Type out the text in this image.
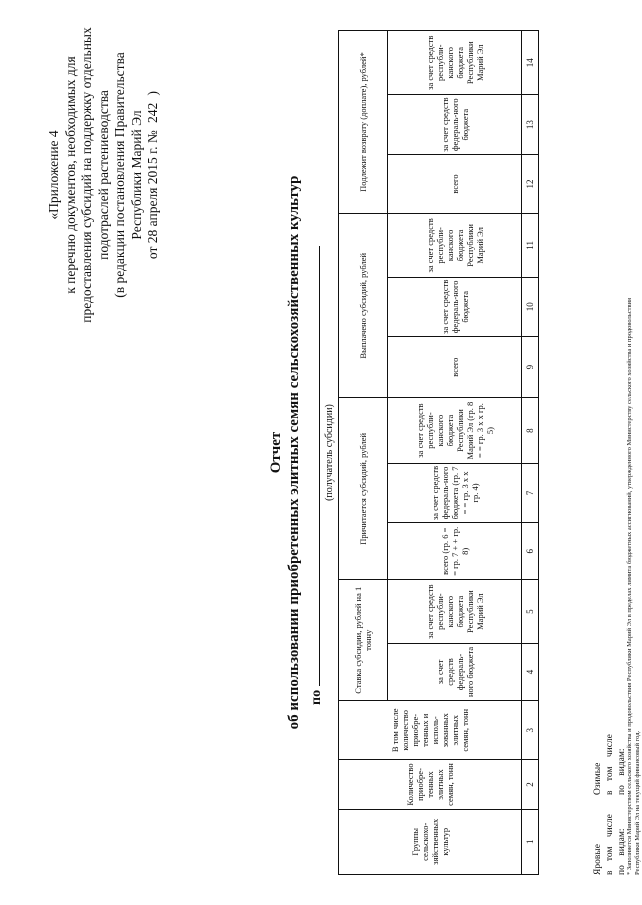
«Приложение 4 к перечню документов, необходимых для предоставления субсидий на поддержку отдельных подотраслей растениеводства (в редакции постановления Правительства Республики Марий Эл
от 28 апреля 2015 г. № 242 )
Отчет об использовании приобретенных элитных семян сельскохозяйственных культур по
(получатель субсидии)
Группы сельскохо-зяйственных культур	Количество приобре-тенных элитных семян, тонн	В том числе количество приобре-тенных и исполь-зованных элитных семян, тонн	Ставка субсидии, рублей на 1 тонну		Причитается субсидий, рублей			Выплачено субсидий, рублей			Подлежит возврату (доплате), рублей*		
			за счет средств федераль-ного бюджета	за счет средств республи-канского бюджета Республики Марий Эл	всего (гр. 6 = = гр. 7 + + гр. 8)	за счет средств федераль-ного бюджета (гр. 7 = = гр. 3 х х гр. 4)	за счет средств республи-канского бюджета Республики Марий Эл (гр. 8 = = гр. 3 х х гр. 5)	всего	за счет средств федераль-ного бюджета	за счет средств республи-канского бюджета Республики Марий Эл	всего	за счет средств федераль-ного бюджета	за счет средств республи-канского бюджета Республики Марий Эл
1	2	3	4	5	6	7	8	9	10	11	12	13	14
Яровые в том числе по видам:
Озимые в том числе по видам: * Заполняется Министерством сельского хозяйства и продовольствия Республики Марий Эл в пределах лимита бюджетных ассигнований, утвержденного Министерству сельского хозяйства и продовольствия Республики Марий Эл на текущий финансовый год.
